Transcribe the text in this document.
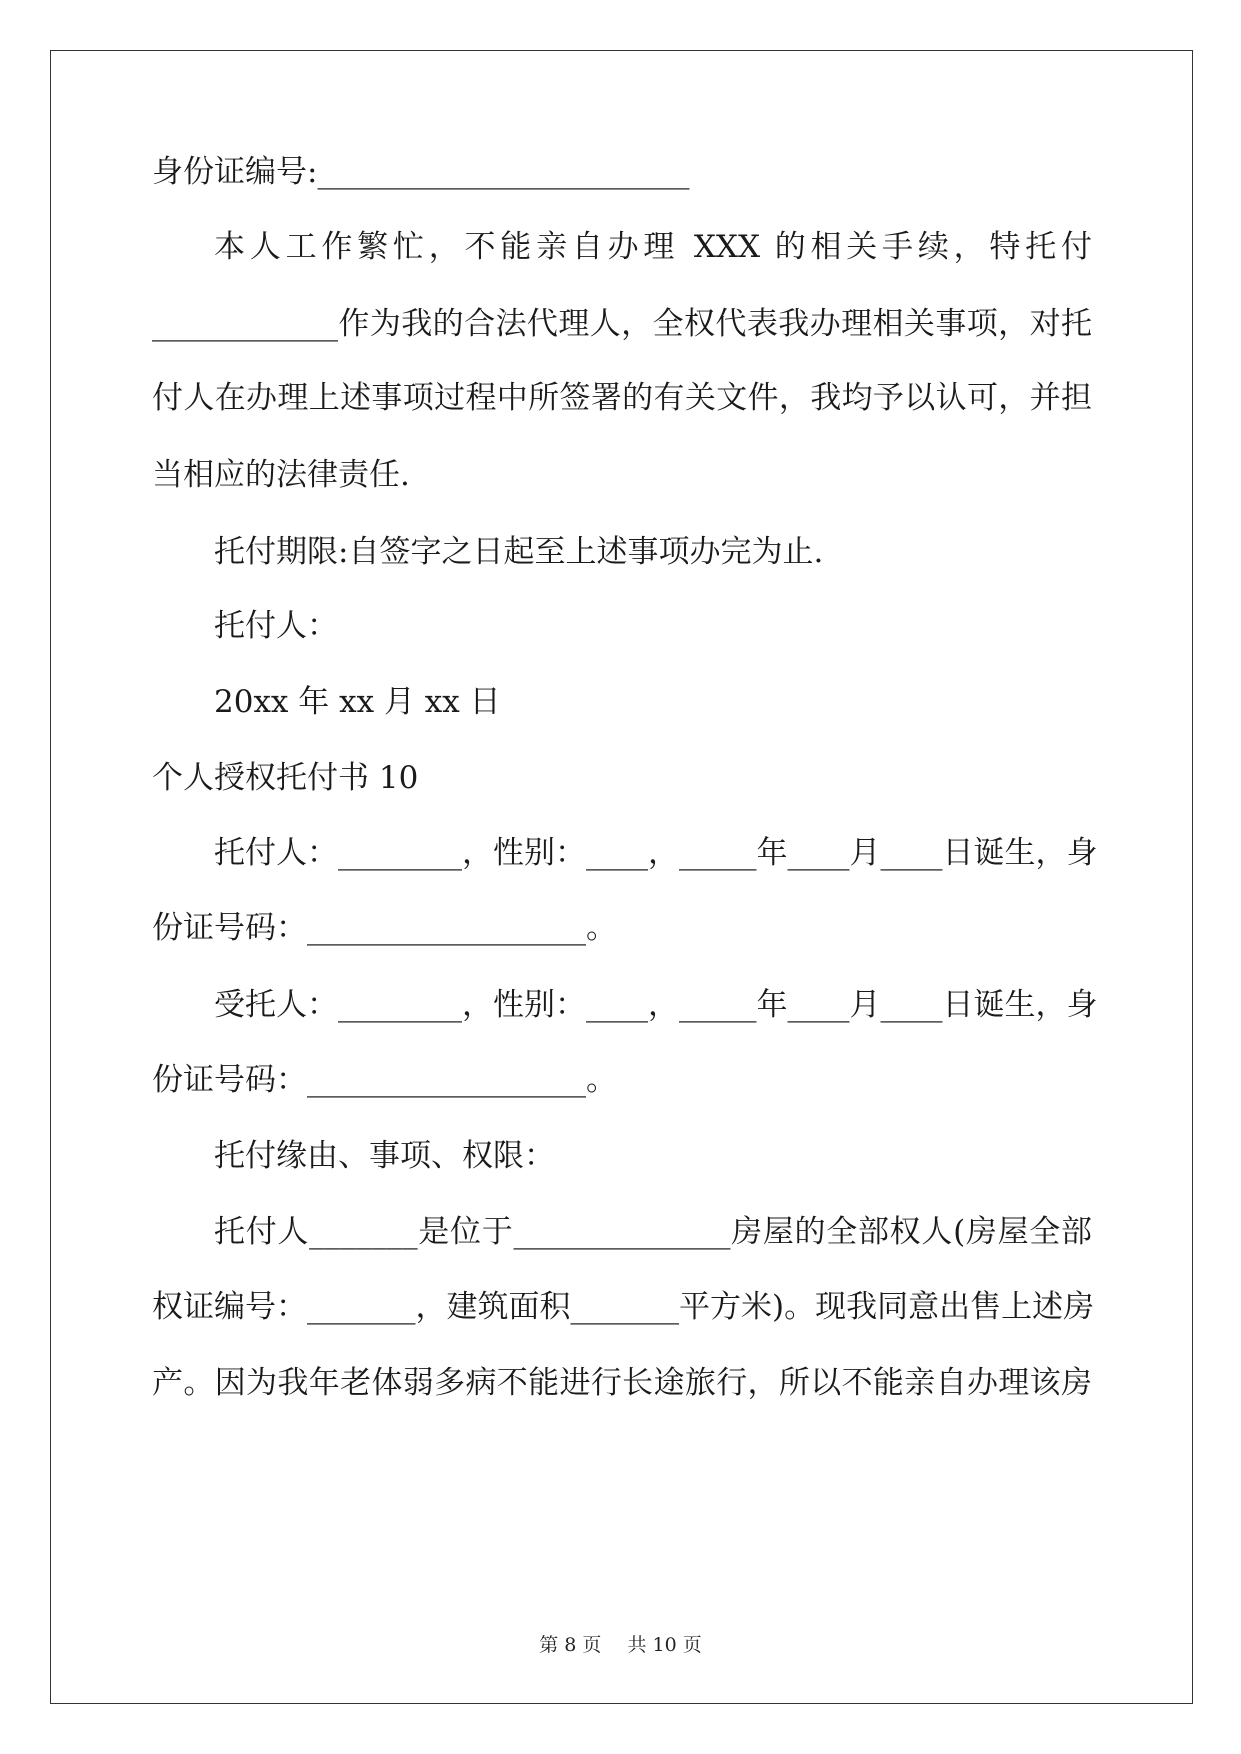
身份证编号:________________________
本人工作繁忙，不能亲自办理 XXX 的相关手续，特托付
____________作为我的合法代理人，全权代表我办理相关事项，对托
付人在办理上述事项过程中所签署的有关文件，我均予以认可，并担
当相应的法律责任.
托付期限:自签字之日起至上述事项办完为止.
托付人：
20xx 年 xx 月 xx 日
个人授权托付书 10
托付人：________，性别：____，_____年____月____日诞生，身
份证号码：__________________。
受托人：________，性别：____，_____年____月____日诞生，身
份证号码：__________________。
托付缘由、事项、权限：
托付人_______是位于______________房屋的全部权人(房屋全部
权证编号：_______，建筑面积_______平方米)。现我同意出售上述房
产。因为我年老体弱多病不能进行长途旅行，所以不能亲自办理该房
第 8 页 共 10 页
